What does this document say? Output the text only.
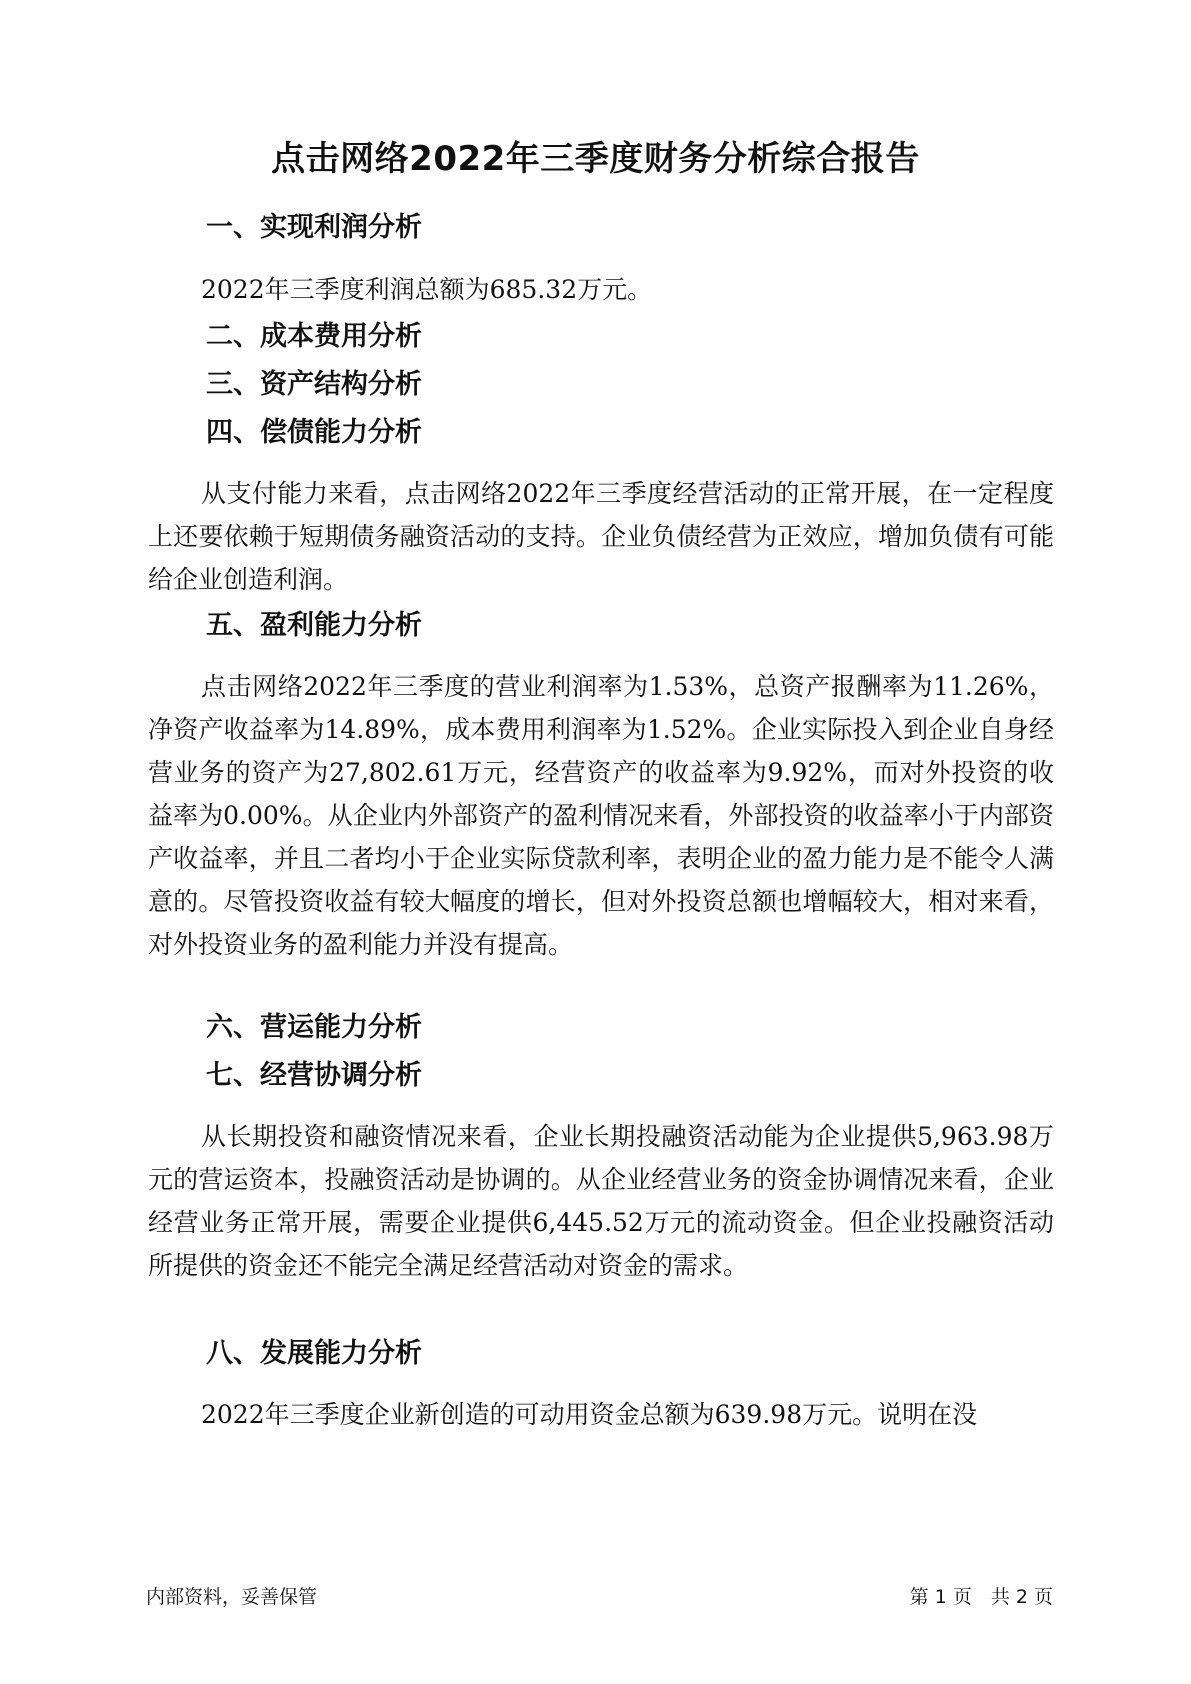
点击网络2022年三季度财务分析综合报告
一、实现利润分析
2022年三季度利润总额为685.32万元。
二、成本费用分析
三、资产结构分析
四、偿债能力分析
从支付能力来看，点击网络2022年三季度经营活动的正常开展，在一定程度上还要依赖于短期债务融资活动的支持。企业负债经营为正效应，增加负债有可能给企业创造利润。
五、盈利能力分析
点击网络2022年三季度的营业利润率为1.53%，总资产报酬率为11.26%，净资产收益率为14.89%，成本费用利润率为1.52%。企业实际投入到企业自身经营业务的资产为27,802.61万元，经营资产的收益率为9.92%，而对外投资的收益率为0.00%。从企业内外部资产的盈利情况来看，外部投资的收益率小于内部资产收益率，并且二者均小于企业实际贷款利率，表明企业的盈力能力是不能令人满意的。尽管投资收益有较大幅度的增长，但对外投资总额也增幅较大，相对来看，对外投资业务的盈利能力并没有提高。
六、营运能力分析
七、经营协调分析
从长期投资和融资情况来看，企业长期投融资活动能为企业提供5,963.98万元的营运资本，投融资活动是协调的。从企业经营业务的资金协调情况来看，企业经营业务正常开展，需要企业提供6,445.52万元的流动资金。但企业投融资活动所提供的资金还不能完全满足经营活动对资金的需求。
八、发展能力分析
2022年三季度企业新创造的可动用资金总额为639.98万元。说明在没
内部资料，妥善保管	第 1 页　共 2 页
